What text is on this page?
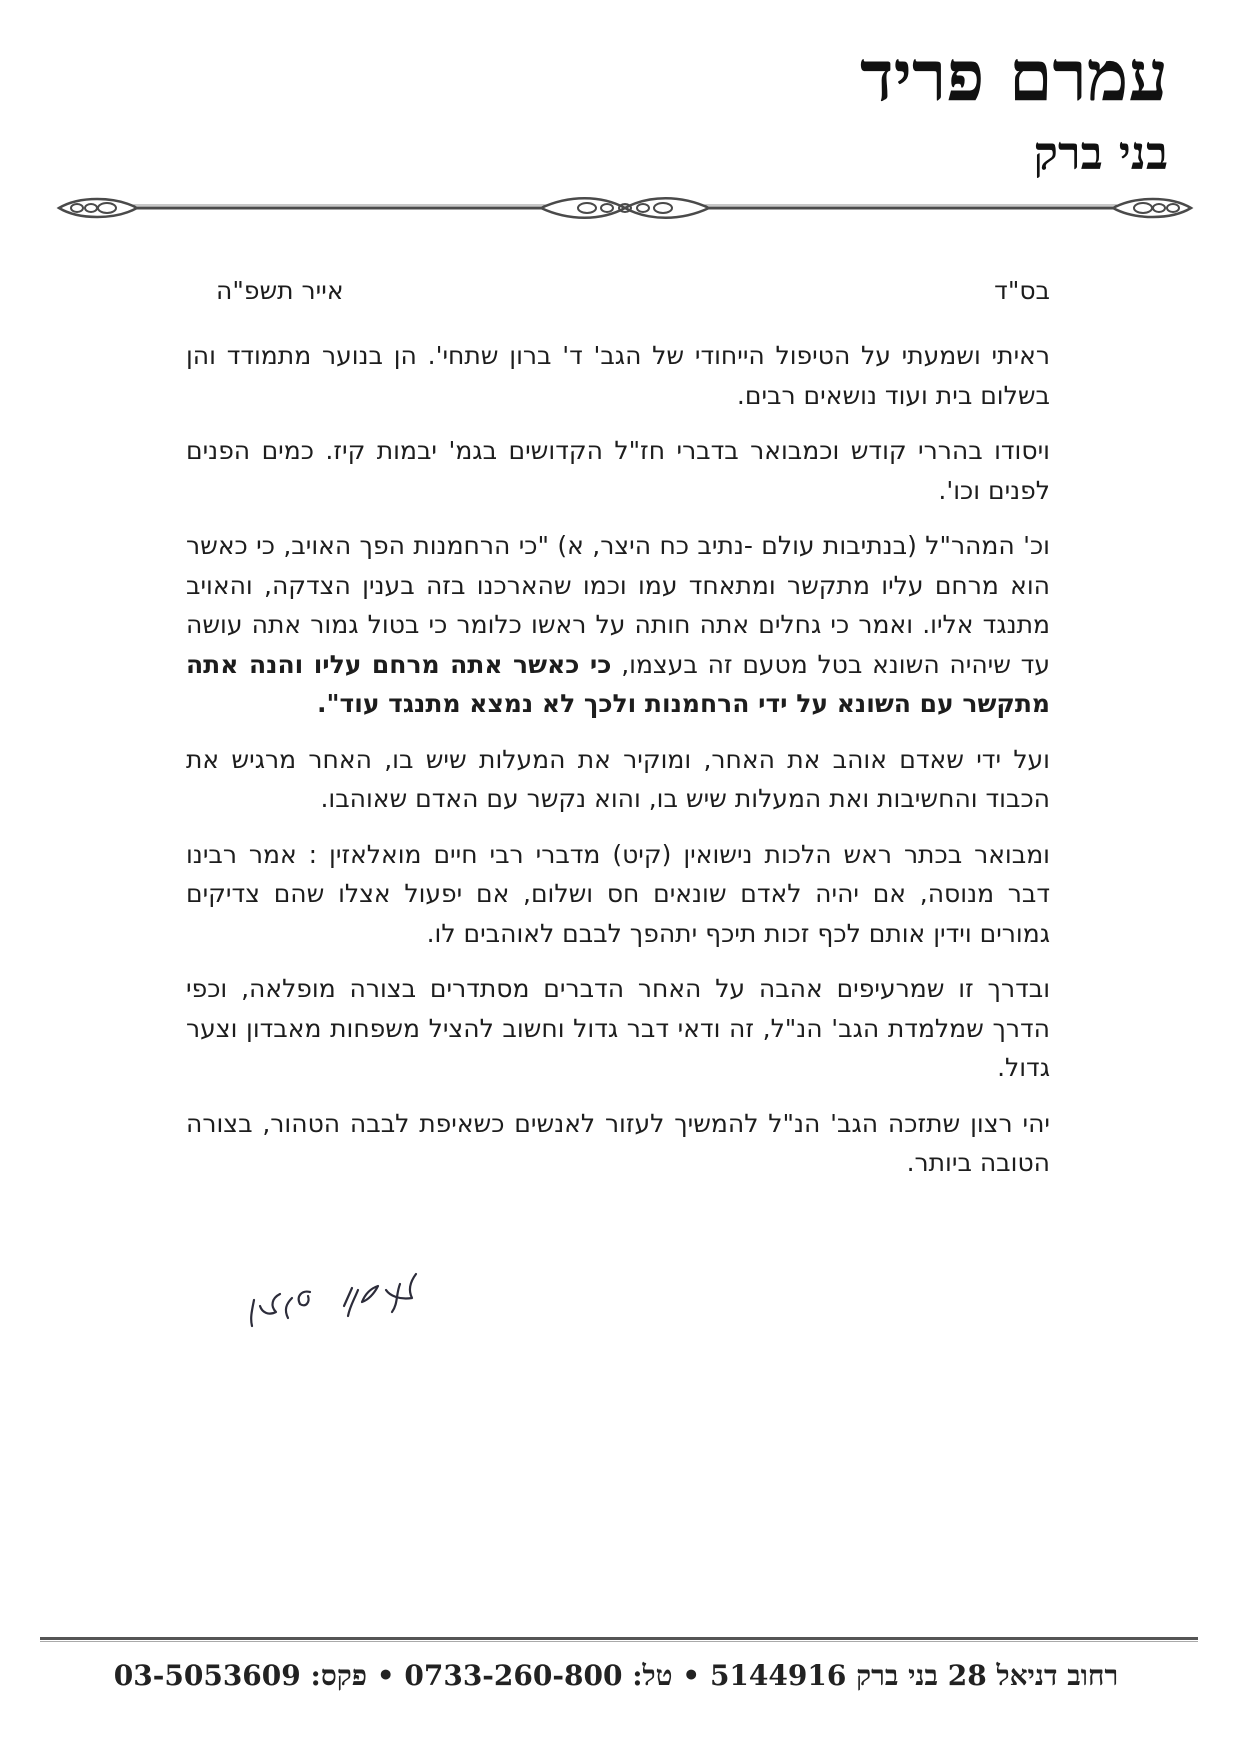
עמרם פריד
בני ברק
בס"ד
אייר תשפ"ה

ראיתי ושמעתי על הטיפול הייחודי של הגב' ד' ברון שתחי'. הן בנוער מתמודד והן בשלום בית ועוד נושאים רבים.

ויסודו בהררי קודש וכמבואר בדברי חז"ל הקדושים בגמ' יבמות קיז. כמים הפנים לפנים וכו'.

וכ' המהר"ל (בנתיבות עולם -נתיב כח היצר, א) "כי הרחמנות הפך האויב, כי כאשר הוא מרחם עליו מתקשר ומתאחד עמו וכמו שהארכנו בזה בענין הצדקה, והאויב מתנגד אליו. ואמר כי גחלים אתה חותה על ראשו כלומר כי בטול גמור אתה עושה עד שיהיה השונא בטל מטעם זה בעצמו, כי כאשר אתה מרחם עליו והנה אתה מתקשר עם השונא על ידי הרחמנות ולכך לא נמצא מתנגד עוד".

ועל ידי שאדם אוהב את האחר, ומוקיר את המעלות שיש בו, האחר מרגיש את הכבוד והחשיבות ואת המעלות שיש בו, והוא נקשר עם האדם שאוהבו.

ומבואר בכתר ראש הלכות נישואין (קיט) מדברי רבי חיים מואלאזין : אמר רבינו דבר מנוסה, אם יהיה לאדם שונאים חס ושלום, אם יפעול אצלו שהם צדיקים גמורים וידין אותם לכף זכות תיכף יתהפך לבבם לאוהבים לו.

ובדרך זו שמרעיפים אהבה על האחר הדברים מסתדרים בצורה מופלאה, וכפי הדרך שמלמדת הגב' הנ"ל, זה ודאי דבר גדול וחשוב להציל משפחות מאבדון וצער גדול.

יהי רצון שתזכה הגב' הנ"ל להמשיך לעזור לאנשים כשאיפת לבבה הטהור, בצורה הטובה ביותר.

רחוב דניאל 28 בני ברק 5144916 • טל: 0733-260-800 • פקס: 03-5053609
